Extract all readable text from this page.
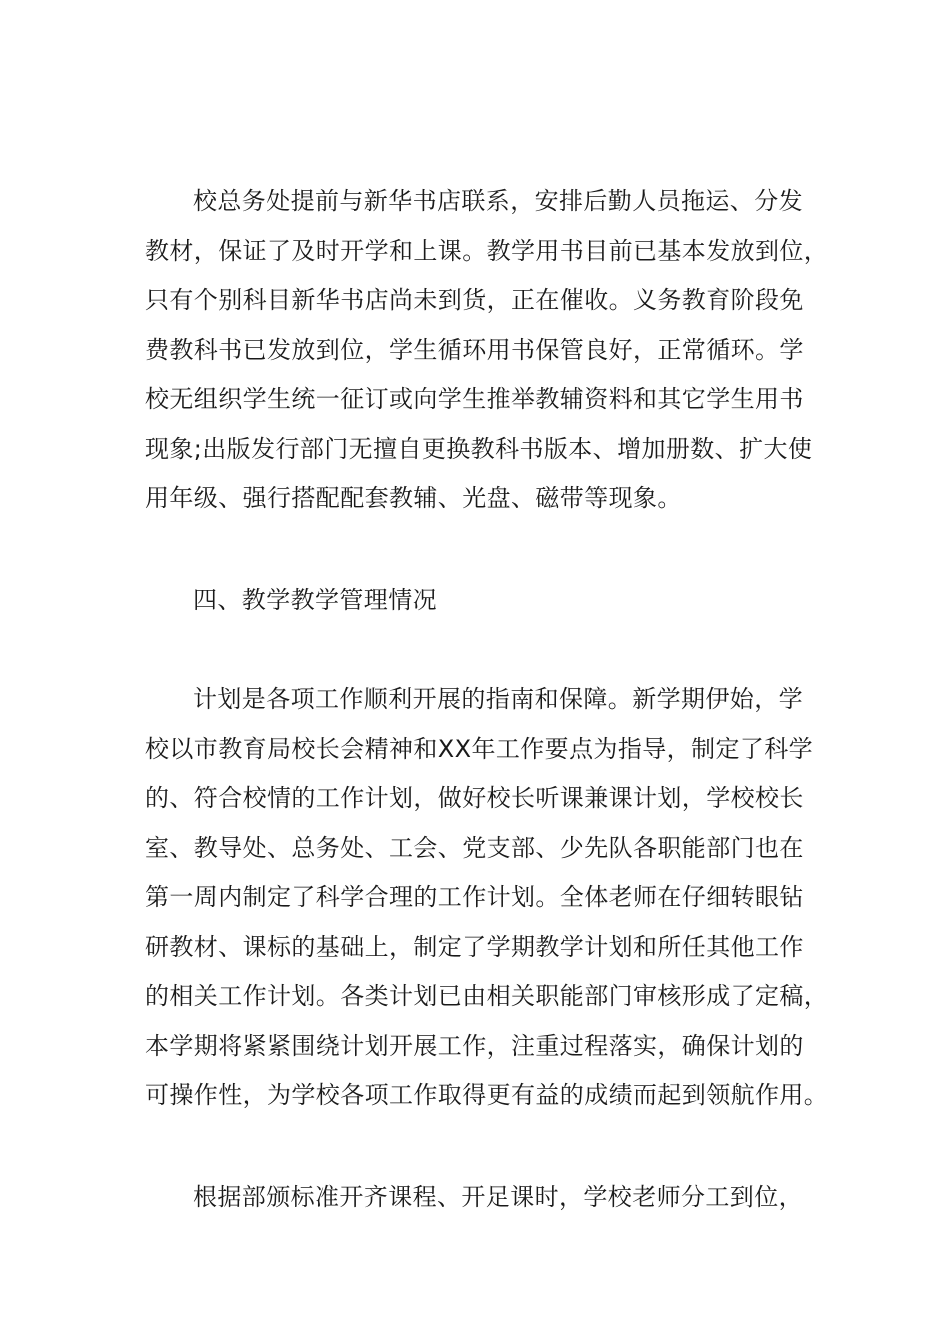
校总务处提前与新华书店联系，安排后勤人员拖运、分发
教材，保证了及时开学和上课。教学用书目前已基本发放到位，
只有个别科目新华书店尚未到货，正在催收。义务教育阶段免
费教科书已发放到位，学生循环用书保管良好，正常循环。学
校无组织学生统一征订或向学生推举教辅资料和其它学生用书
现象;出版发行部门无擅自更换教科书版本、增加册数、扩大使
用年级、强行搭配配套教辅、光盘、磁带等现象。
四、教学教学管理情况
计划是各项工作顺利开展的指南和保障。新学期伊始，学
校以市教育局校长会精神和XX年工作要点为指导，制定了科学
的、符合校情的工作计划，做好校长听课兼课计划，学校校长
室、教导处、总务处、工会、党支部、少先队各职能部门也在
第一周内制定了科学合理的工作计划。全体老师在仔细转眼钻
研教材、课标的基础上，制定了学期教学计划和所任其他工作
的相关工作计划。各类计划已由相关职能部门审核形成了定稿，
本学期将紧紧围绕计划开展工作，注重过程落实，确保计划的
可操作性，为学校各项工作取得更有益的成绩而起到领航作用。
根据部颁标准开齐课程、开足课时，学校老师分工到位，
